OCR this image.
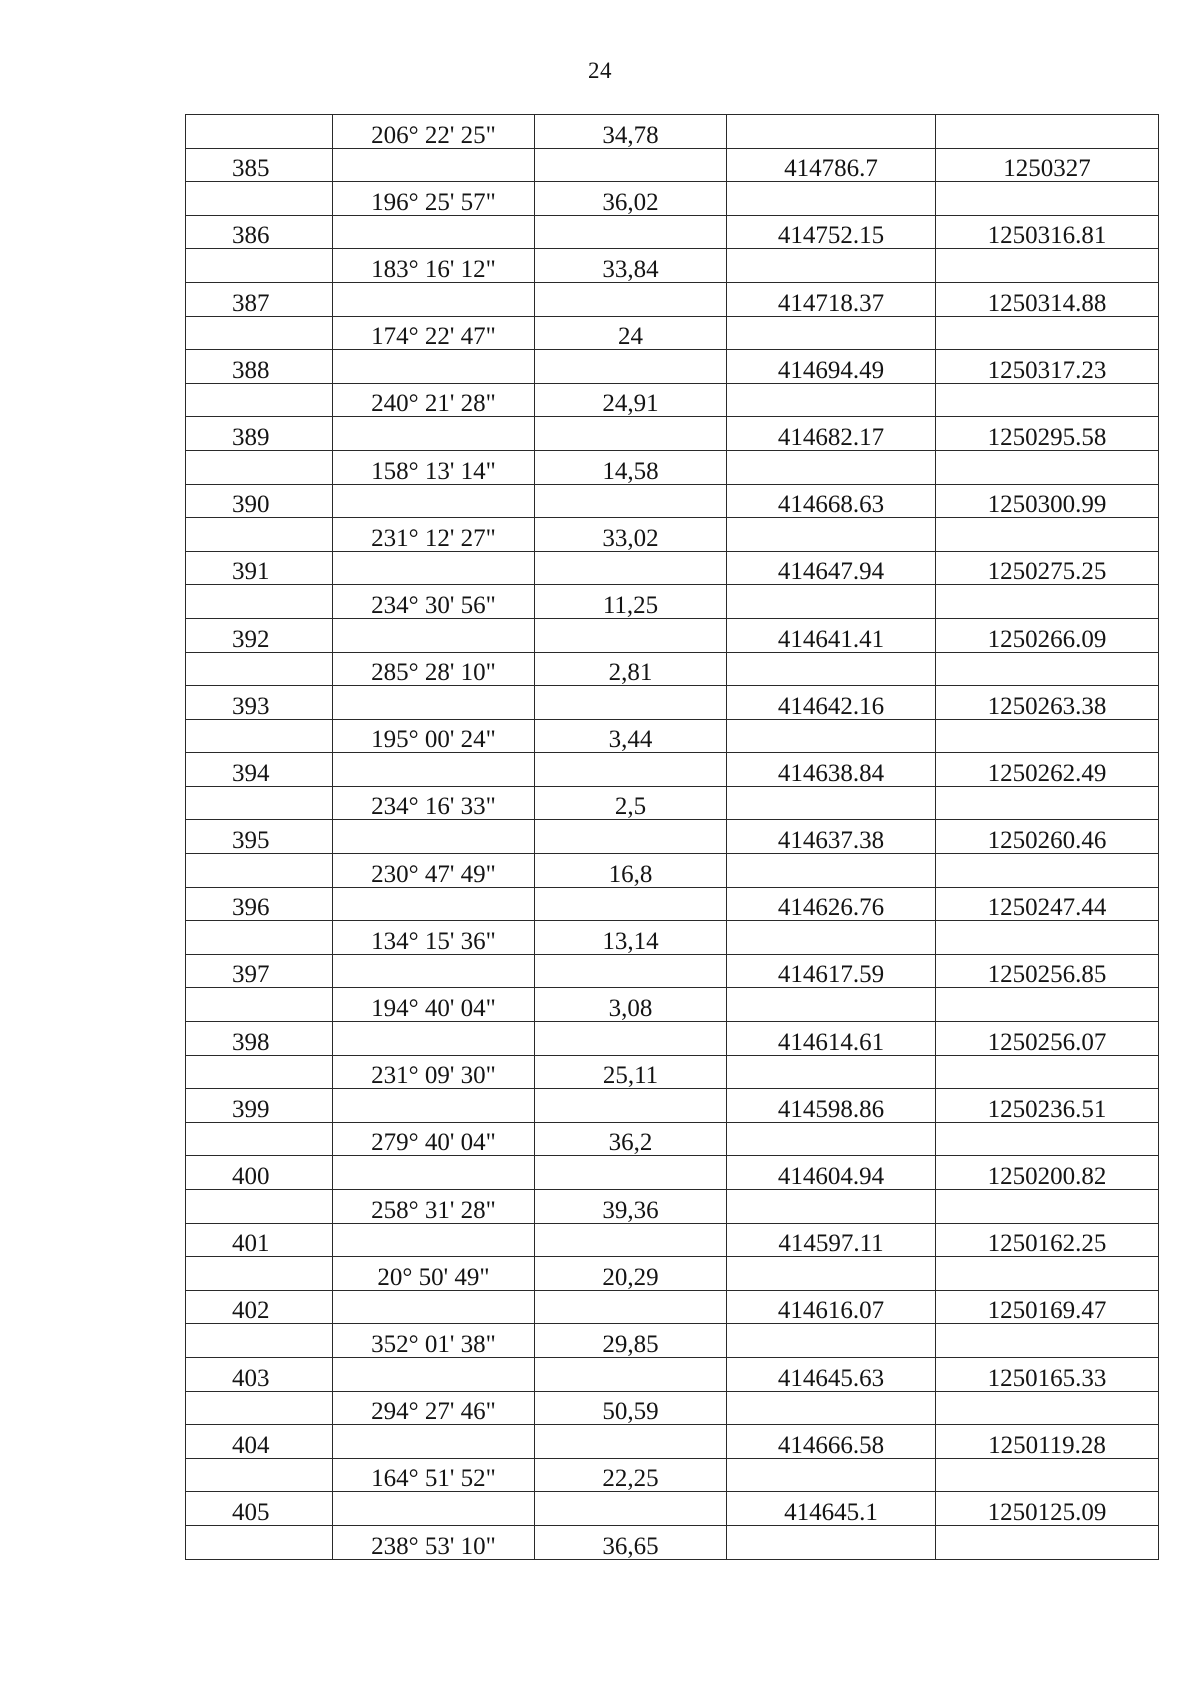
24
	206° 22' 25"	34,78		
385			414786.7	1250327
	196° 25' 57"	36,02		
386			414752.15	1250316.81
	183° 16' 12"	33,84		
387			414718.37	1250314.88
	174° 22' 47"	24		
388			414694.49	1250317.23
	240° 21' 28"	24,91		
389			414682.17	1250295.58
	158° 13' 14"	14,58		
390			414668.63	1250300.99
	231° 12' 27"	33,02		
391			414647.94	1250275.25
	234° 30' 56"	11,25		
392			414641.41	1250266.09
	285° 28' 10"	2,81		
393			414642.16	1250263.38
	195° 00' 24"	3,44		
394			414638.84	1250262.49
	234° 16' 33"	2,5		
395			414637.38	1250260.46
	230° 47' 49"	16,8		
396			414626.76	1250247.44
	134° 15' 36"	13,14		
397			414617.59	1250256.85
	194° 40' 04"	3,08		
398			414614.61	1250256.07
	231° 09' 30"	25,11		
399			414598.86	1250236.51
	279° 40' 04"	36,2		
400			414604.94	1250200.82
	258° 31' 28"	39,36		
401			414597.11	1250162.25
	20° 50' 49"	20,29		
402			414616.07	1250169.47
	352° 01' 38"	29,85		
403			414645.63	1250165.33
	294° 27' 46"	50,59		
404			414666.58	1250119.28
	164° 51' 52"	22,25		
405			414645.1	1250125.09
	238° 53' 10"	36,65		
